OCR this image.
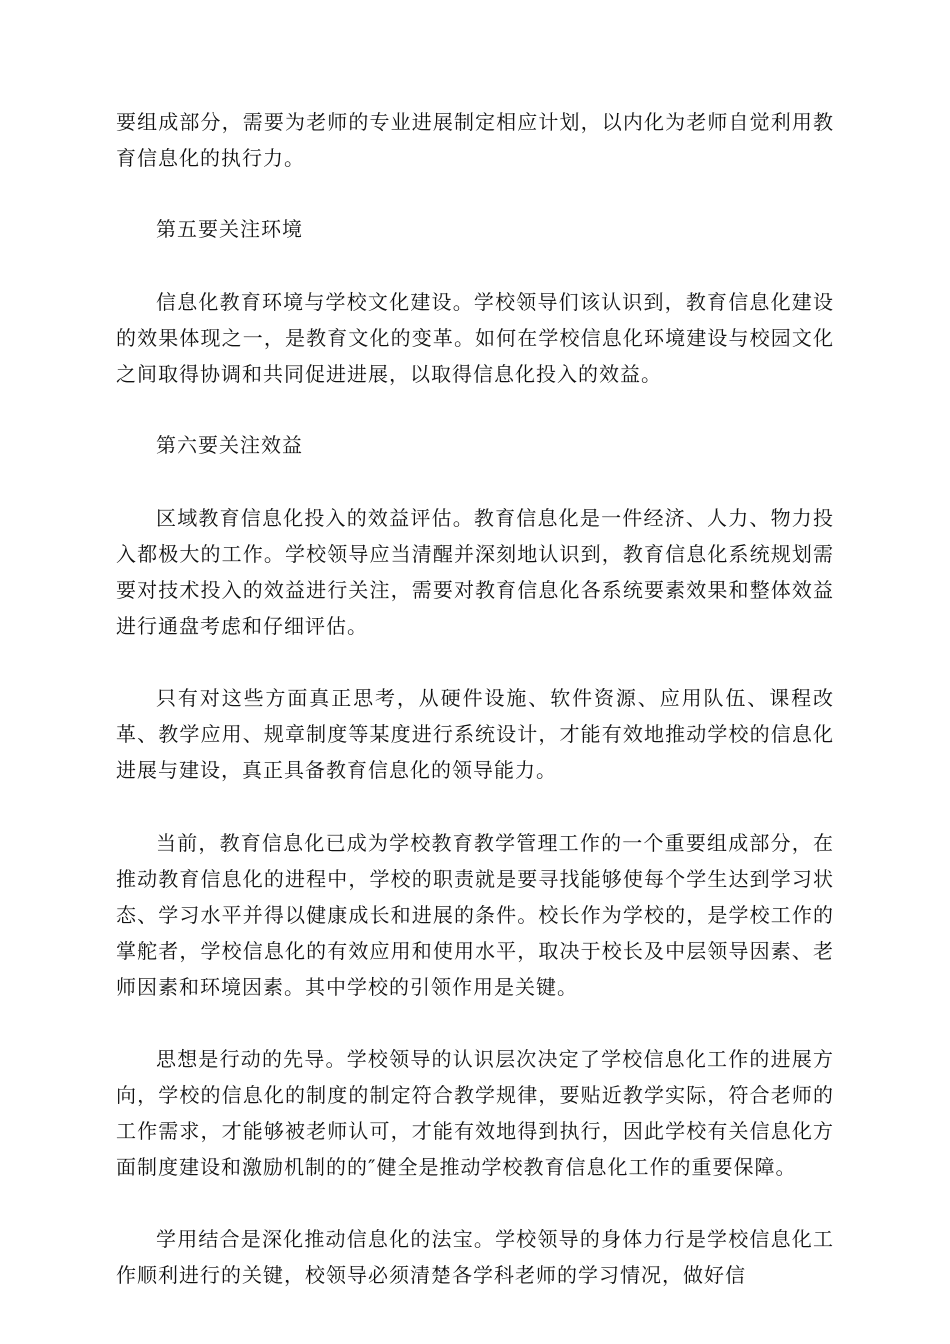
要组成部分，需要为老师的专业进展制定相应计划，以内化为老师自觉利用教育信息化的执行力。

第五要关注环境

信息化教育环境与学校文化建设。学校领导们该认识到，教育信息化建设的效果体现之一，是教育文化的变革。如何在学校信息化环境建设与校园文化之间取得协调和共同促进进展，以取得信息化投入的效益。

第六要关注效益

区域教育信息化投入的效益评估。教育信息化是一件经济、人力、物力投入都极大的工作。学校领导应当清醒并深刻地认识到，教育信息化系统规划需要对技术投入的效益进行关注，需要对教育信息化各系统要素效果和整体效益进行通盘考虑和仔细评估。

只有对这些方面真正思考，从硬件设施、软件资源、应用队伍、课程改革、教学应用、规章制度等某度进行系统设计，才能有效地推动学校的信息化进展与建设，真正具备教育信息化的领导能力。

当前，教育信息化已成为学校教育教学管理工作的一个重要组成部分，在推动教育信息化的进程中，学校的职责就是要寻找能够使每个学生达到学习状态、学习水平并得以健康成长和进展的条件。校长作为学校的，是学校工作的掌舵者，学校信息化的有效应用和使用水平，取决于校长及中层领导因素、老师因素和环境因素。其中学校的引领作用是关键。

思想是行动的先导。学校领导的认识层次决定了学校信息化工作的进展方向，学校的信息化的制度的制定符合教学规律，要贴近教学实际，符合老师的工作需求，才能够被老师认可，才能有效地得到执行，因此学校有关信息化方面制度建设和激励机制的的″健全是推动学校教育信息化工作的重要保障。

学用结合是深化推动信息化的法宝。学校领导的身体力行是学校信息化工作顺利进行的关键，校领导必须清楚各学科老师的学习情况，做好信
